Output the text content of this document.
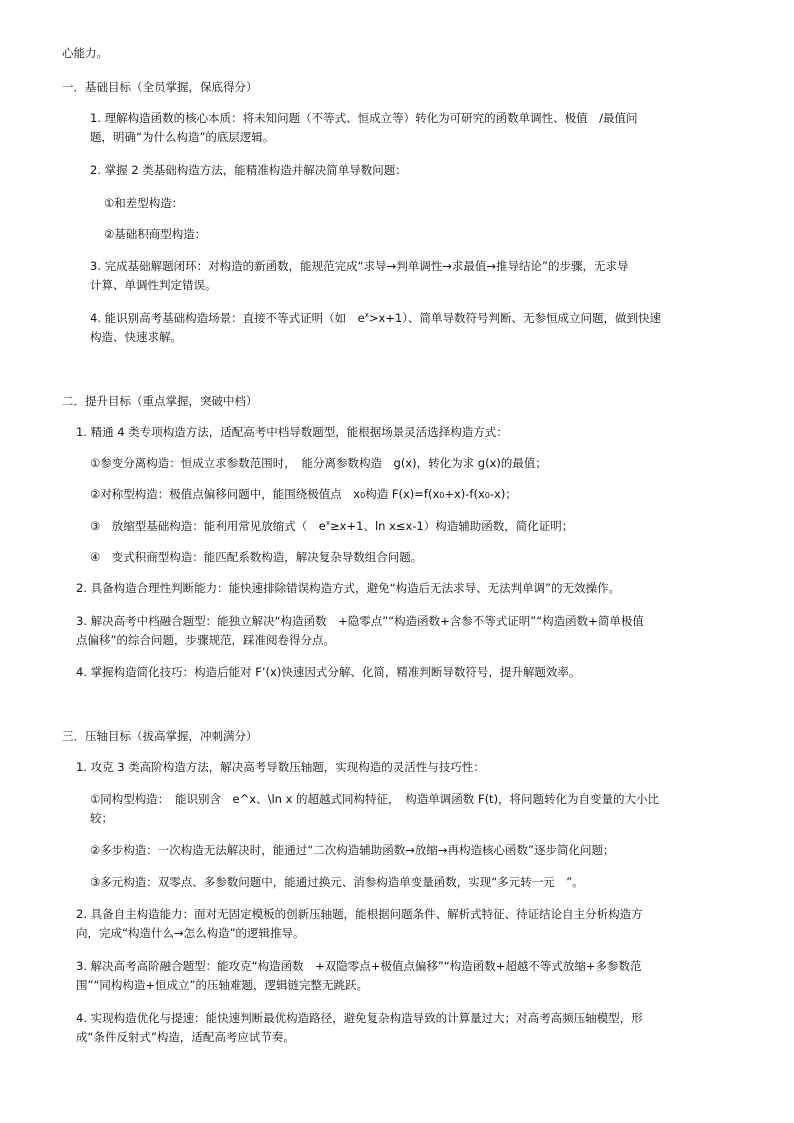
心能力。
一．基础目标（全员掌握，保底得分）
1. 理解构造函数的核心本质：将未知问题（不等式、恒成立等）转化为可研究的函数单调性、极值　/最值问
题，明确“为什么构造”的底层逻辑。
2. 掌握 2 类基础构造方法，能精准构造并解决简单导数问题：
①和差型构造：
②基础积商型构造：
3. 完成基础解题闭环：对构造的新函数，能规范完成“求导→判单调性→求最值→推导结论”的步骤，无求导
计算、单调性判定错误。
4. 能识别高考基础构造场景：直接不等式证明（如　$e^x>x+1$）、简单导数符号判断、无参恒成立问题，做到快速
构造、快速求解。
二．提升目标（重点掌握，突破中档）
1. 精通 4 类专项构造方法，适配高考中档导数题型，能根据场景灵活选择构造方式：
①参变分离构造：恒成立求参数范围时，　能分离参数构造　g(x)，转化为求 g(x)的最值；
②对称型构造：极值点偏移问题中，能围绕极值点　x0构造 F(x)=f(x0+x)-f(x0-x)；
③　放缩型基础构造：能利用常见放缩式（　$e^x\ge x+1$、ln x≤x-1）构造辅助函数，简化证明；
④　变式积商型构造：能匹配系数构造，解决复杂导数组合问题。
2. 具备构造合理性判断能力：能快速排除错误构造方式，避免“构造后无法求导、无法判单调”的无效操作。
3. 解决高考中档融合题型：能独立解决“构造函数　+隐零点”“构造函数+含参不等式证明”“构造函数+简单极值
点偏移”的综合问题，步骤规范，踩准阅卷得分点。
4. 掌握构造简化技巧：构造后能对 F’(x)快速因式分解、化简，精准判断导数符号，提升解题效率。
三．压轴目标（拔高掌握，冲刺满分）
1. 攻克 3 类高阶构造方法，解决高考导数压轴题，实现构造的灵活性与技巧性：
①同构型构造：　能识别含　e^x、\ln x 的超越式同构特征，　构造单调函数 F(t)，将问题转化为自变量的大小比
较；
②多步构造：一次构造无法解决时，能通过“二次构造辅助函数→放缩→再构造核心函数”逐步简化问题；
③多元构造：双零点、多参数问题中，能通过换元、消参构造单变量函数，实现“多元转一元　”。
2. 具备自主构造能力：面对无固定模板的创新压轴题，能根据问题条件、解析式特征、待证结论自主分析构造方
向，完成“构造什么→怎么构造”的逻辑推导。
3. 解决高考高阶融合题型：能攻克“构造函数　+双隐零点+极值点偏移”“构造函数+超越不等式放缩+多参数范
围”“同构构造+恒成立”的压轴难题，逻辑链完整无跳跃。
4. 实现构造优化与提速：能快速判断最优构造路径，避免复杂构造导致的计算量过大；对高考高频压轴模型，形
成“条件反射式”构造，适配高考应试节奏。
